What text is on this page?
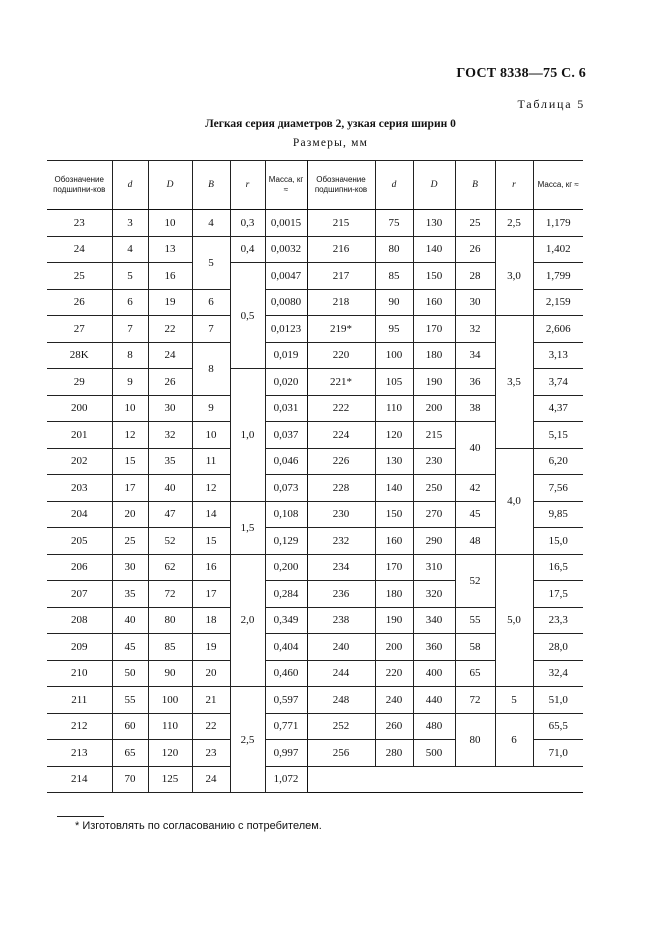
ГОСТ 8338—75 С. 6
Таблица 5
Легкая серия диаметров 2, узкая серия ширин 0
Размеры, мм
Обозначение подшипни-ков	d	D	B	r	Масса, кг ≈	Обозначение подшипни-ков	d	D	B	r	Масса, кг ≈
23	3	10	4	0,3	0,0015	215	75	130	25	2,5	1,179
24	4	13	5	0,4	0,0032	216	80	140	26	3,0	1,402
25	5	16		0,5	0,0047	217	85	150	28		1,799
26	6	19	6		0,0080	218	90	160	30		2,159
27	7	22	7		0,0123	219*	95	170	32	3,5	2,606
28K	8	24	8		0,019	220	100	180	34		3,13
29	9	26		1,0	0,020	221*	105	190	36		3,74
200	10	30	9		0,031	222	110	200	38		4,37
201	12	32	10		0,037	224	120	215	40		5,15
202	15	35	11		0,046	226	130	230		4,0	6,20
203	17	40	12		0,073	228	140	250	42		7,56
204	20	47	14	1,5	0,108	230	150	270	45		9,85
205	25	52	15		0,129	232	160	290	48		15,0
206	30	62	16	2,0	0,200	234	170	310	52	5,0	16,5
207	35	72	17		0,284	236	180	320			17,5
208	40	80	18		0,349	238	190	340	55		23,3
209	45	85	19		0,404	240	200	360	58		28,0
210	50	90	20		0,460	244	220	400	65		32,4
211	55	100	21	2,5	0,597	248	240	440	72	5	51,0
212	60	110	22		0,771	252	260	480	80	6	65,5
213	65	120	23		0,997	256	280	500			71,0
214	70	125	24		1,072						
* Изготовлять по согласованию с потребителем.
